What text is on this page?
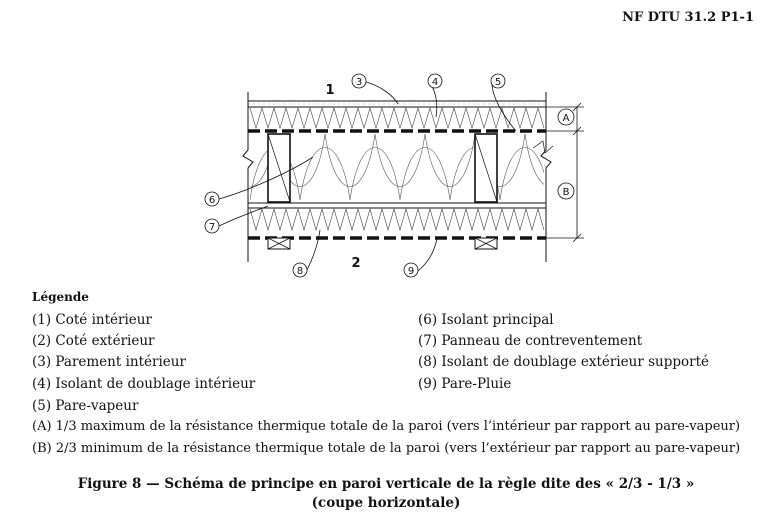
NF DTU 31.2 P1-1
1
2
3	4	5
6
7
8	9
A
B
Légende
(1) Coté intérieur
(2) Coté extérieur
(3) Parement intérieur
(4) Isolant de doublage intérieur
(5) Pare-vapeur
(6) Isolant principal
(7) Panneau de contreventement
(8) Isolant de doublage extérieur supporté
(9) Pare-Pluie
(A) 1/3 maximum de la résistance thermique totale de la paroi (vers l’intérieur par rapport au pare-vapeur)
(B) 2/3 minimum de la résistance thermique totale de la paroi (vers l’extérieur par rapport au pare-vapeur)
Figure 8 — Schéma de principe en paroi verticale de la règle dite des « 2/3 - 1/3 »
(coupe horizontale)
